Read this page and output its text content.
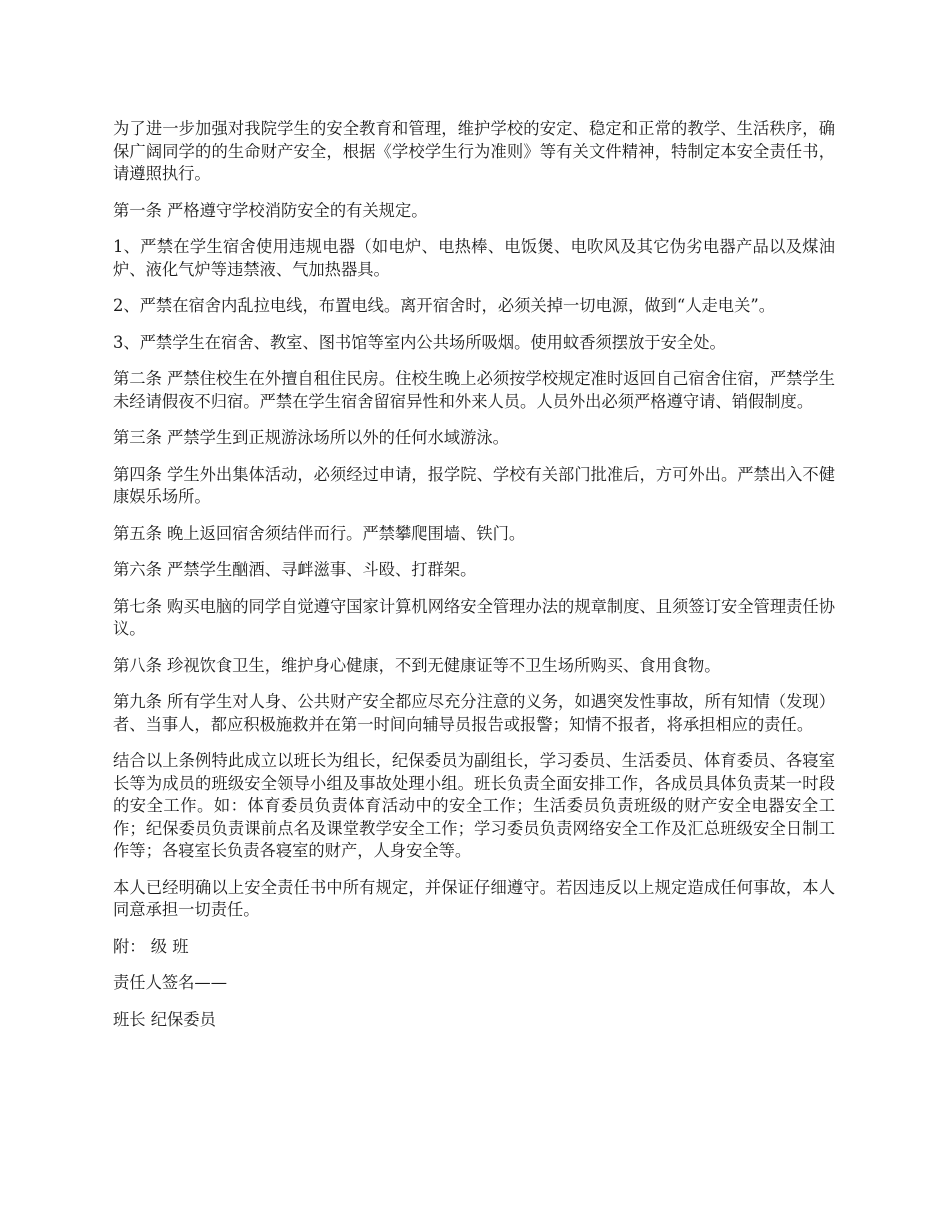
为了进一步加强对我院学生的安全教育和管理，维护学校的安定、稳定和正常的教学、生活秩序，确保广阔同学的的生命财产安全，根据《学校学生行为准则》等有关文件精神，特制定本安全责任书，请遵照执行。

第一条 严格遵守学校消防安全的有关规定。

1、严禁在学生宿舍使用违规电器（如电炉、电热棒、电饭煲、电吹风及其它伪劣电器产品以及煤油炉、液化气炉等违禁液、气加热器具。

2、严禁在宿舍内乱拉电线，布置电线。离开宿舍时，必须关掉一切电源，做到“人走电关”。

3、严禁学生在宿舍、教室、图书馆等室内公共场所吸烟。使用蚊香须摆放于安全处。

第二条 严禁住校生在外擅自租住民房。住校生晚上必须按学校规定准时返回自己宿舍住宿，严禁学生未经请假夜不归宿。严禁在学生宿舍留宿异性和外来人员。人员外出必须严格遵守请、销假制度。

第三条 严禁学生到正规游泳场所以外的任何水域游泳。

第四条 学生外出集体活动，必须经过申请，报学院、学校有关部门批准后，方可外出。严禁出入不健康娱乐场所。

第五条 晚上返回宿舍须结伴而行。严禁攀爬围墙、铁门。

第六条 严禁学生酗酒、寻衅滋事、斗殴、打群架。

第七条 购买电脑的同学自觉遵守国家计算机网络安全管理办法的规章制度、且须签订安全管理责任协议。

第八条 珍视饮食卫生，维护身心健康，不到无健康证等不卫生场所购买、食用食物。

第九条 所有学生对人身、公共财产安全都应尽充分注意的义务，如遇突发性事故，所有知情（发现）者、当事人，都应积极施救并在第一时间向辅导员报告或报警；知情不报者，将承担相应的责任。

结合以上条例特此成立以班长为组长，纪保委员为副组长，学习委员、生活委员、体育委员、各寝室长等为成员的班级安全领导小组及事故处理小组。班长负责全面安排工作，各成员具体负责某一时段的安全工作。如：体育委员负责体育活动中的安全工作；生活委员负责班级的财产安全电器安全工作；纪保委员负责课前点名及课堂教学安全工作；学习委员负责网络安全工作及汇总班级安全日制工作等；各寝室长负责各寝室的财产，人身安全等。

本人已经明确以上安全责任书中所有规定，并保证仔细遵守。若因违反以上规定造成任何事故，本人同意承担一切责任。

附： 级 班

责任人签名——

班长 纪保委员
